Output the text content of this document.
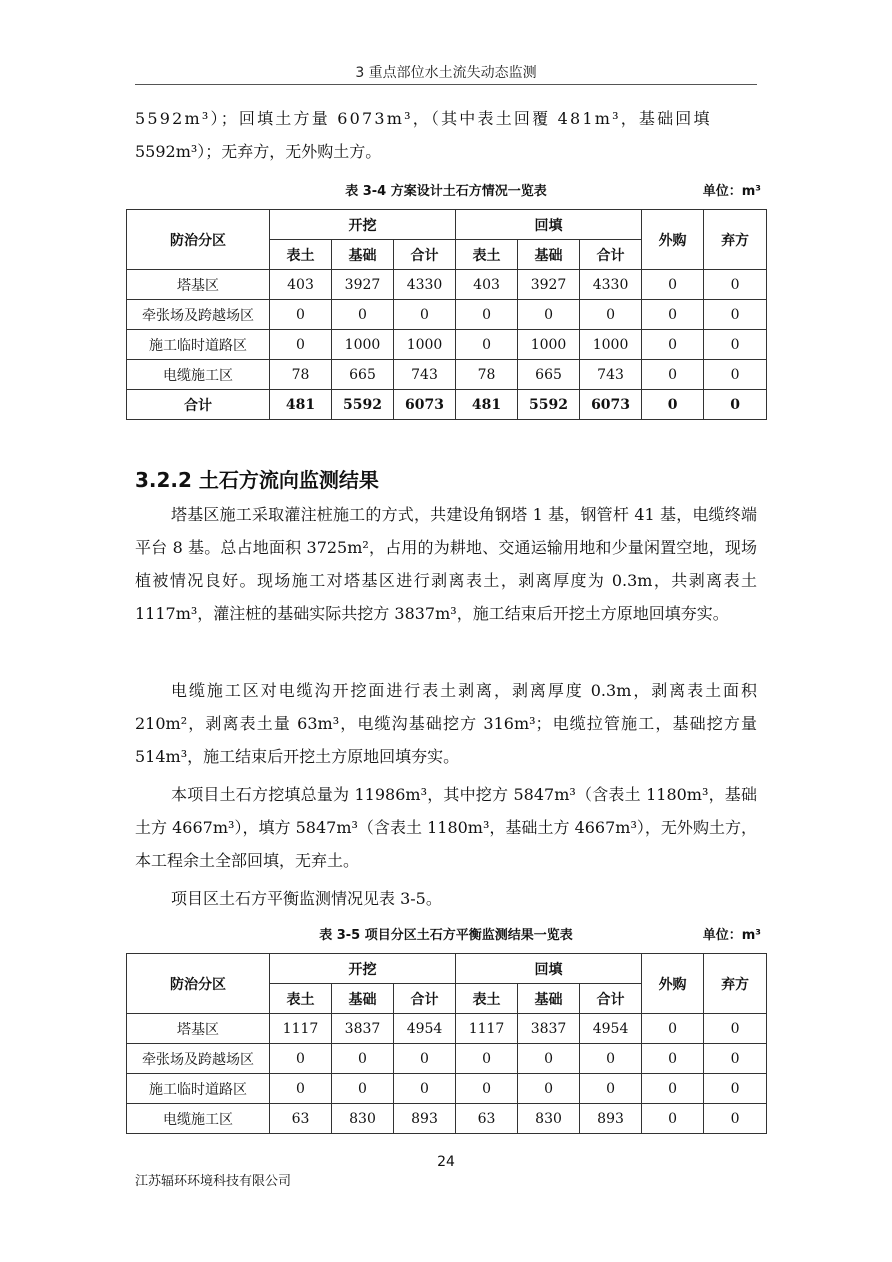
3 重点部位水土流失动态监测
5592m³）；回填土方量 6073m³，（其中表土回覆 481m³，基础回填
5592m³）；无弃方，无外购土方。
表 3-4 方案设计土石方情况一览表	单位：m³
防治分区	开挖			回填			外购	弃方
	表土	基础	合计	表土	基础	合计		
塔基区	403	3927	4330	403	3927	4330	0	0
牵张场及跨越场区	0	0	0	0	0	0	0	0
施工临时道路区	0	1000	1000	0	1000	1000	0	0
电缆施工区	78	665	743	78	665	743	0	0
合计	481	5592	6073	481	5592	6073	0	0
3.2.2 土石方流向监测结果
塔基区施工采取灌注桩施工的方式，共建设角钢塔 1 基，钢管杆 41 基，电缆终端平台 8 基。总占地面积 3725m²，占用的为耕地、交通运输用地和少量闲置空地，现场植被情况良好。现场施工对塔基区进行剥离表土，剥离厚度为 0.3m，共剥离表土 1117m³，灌注桩的基础实际共挖方 3837m³，施工结束后开挖土方原地回填夯实。
电缆施工区对电缆沟开挖面进行表土剥离，剥离厚度 0.3m，剥离表土面积 210m²，剥离表土量 63m³，电缆沟基础挖方 316m³；电缆拉管施工，基础挖方量 514m³，施工结束后开挖土方原地回填夯实。
本项目土石方挖填总量为 11986m³，其中挖方 5847m³（含表土 1180m³，基础土方 4667m³），填方 5847m³（含表土 1180m³，基础土方 4667m³），无外购土方，本工程余土全部回填，无弃土。
项目区土石方平衡监测情况见表 3-5。
表 3-5 项目分区土石方平衡监测结果一览表	单位：m³
防治分区	开挖			回填			外购	弃方
	表土	基础	合计	表土	基础	合计		
塔基区	1117	3837	4954	1117	3837	4954	0	0
牵张场及跨越场区	0	0	0	0	0	0	0	0
施工临时道路区	0	0	0	0	0	0	0	0
电缆施工区	63	830	893	63	830	893	0	0
24
江苏辐环环境科技有限公司
